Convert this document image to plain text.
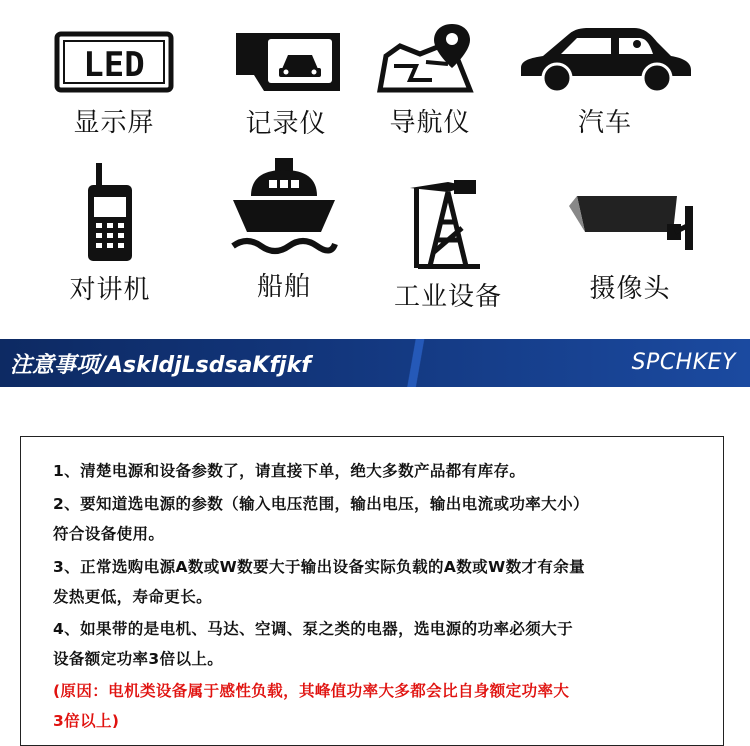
LED
显示屏	记录仪	导航仪	汽车
对讲机	船舶	工业设备	摄像头
注意事项/AskldjLsdsaKfjkf	SPCHKEY
1、清楚电源和设备参数了，请直接下单，绝大多数产品都有库存。
2、要知道选电源的参数（输入电压范围，输出电压，输出电流或功率大小）
符合设备使用。
3、正常选购电源A数或W数要大于输出设备实际负载的A数或W数才有余量
发热更低，寿命更长。
4、如果带的是电机、马达、空调、泵之类的电器，选电源的功率必须大于
设备额定功率3倍以上。
(原因：电机类设备属于感性负载，其峰值功率大多都会比自身额定功率大
3倍以上)
